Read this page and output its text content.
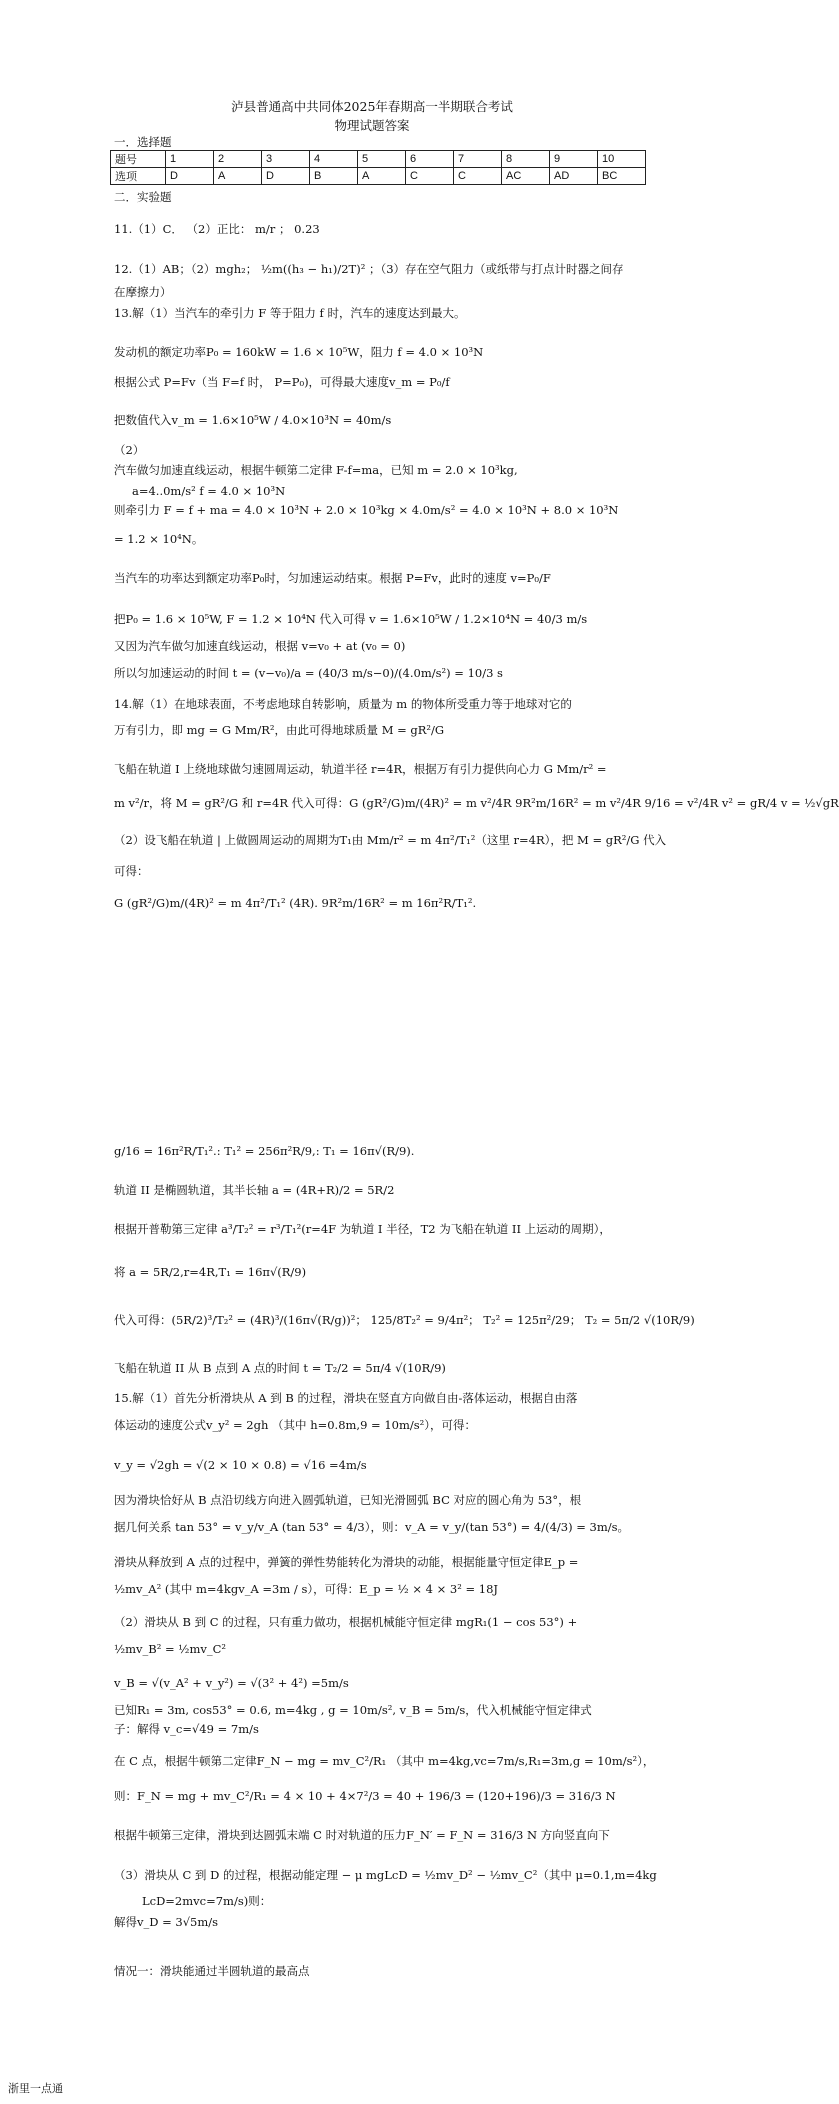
泸县普通高中共同体2025年春期高一半期联合考试
物理试题答案
一．选择题
题号	1	2	3	4	5	6	7	8	9	10
选项	D	A	D	B	A	C	C	AC	AD	BC
二．实验题
11.（1）C． （2）正比： m/r ； 0.23
12.（1）AB；（2）mgh₂； ½m((h₃ − h₁)/2T)² ；（3）存在空气阻力（或纸带与打点计时器之间存
在摩擦力）
13.解（1）当汽车的牵引力 F 等于阻力 f 时，汽车的速度达到最大。
发动机的额定功率P₀ = 160kW = 1.6 × 10⁵W，阻力 f = 4.0 × 10³N
根据公式 P=Fv（当 F=f 时， P=P₀)，可得最大速度v_m = P₀/f
把数值代入v_m = 1.6×10⁵W / 4.0×10³N = 40m/s
（2）
汽车做匀加速直线运动，根据牛顿第二定律 F-f=ma，已知 m = 2.0 × 10³kg,
a=4..0m/s² f = 4.0 × 10³N
则牵引力 F = f + ma = 4.0 × 10³N + 2.0 × 10³kg × 4.0m/s² = 4.0 × 10³N + 8.0 × 10³N
= 1.2 × 10⁴N。
当汽车的功率达到额定功率P₀时，匀加速运动结束。根据 P=Fv，此时的速度 v=P₀/F
把P₀ = 1.6 × 10⁵W, F = 1.2 × 10⁴N 代入可得 v = 1.6×10⁵W / 1.2×10⁴N = 40/3 m/s
又因为汽车做匀加速直线运动，根据 v=v₀ + at (v₀ = 0)
所以匀加速运动的时间 t = (v−v₀)/a = (40/3 m/s−0)/(4.0m/s²) = 10/3 s
14.解（1）在地球表面，不考虑地球自转影响，质量为 m 的物体所受重力等于地球对它的
万有引力，即 mg = G Mm/R²，由此可得地球质量 M = gR²/G
飞船在轨道 I 上绕地球做匀速圆周运动，轨道半径 r=4R，根据万有引力提供向心力 G Mm/r² =
m v²/r，将 M = gR²/G 和 r=4R 代入可得：G (gR²/G)m/(4R)² = m v²/4R 9R²m/16R² = m v²/4R 9/16 = v²/4R v² = gR/4 v = ½√gR
（2）设飞船在轨道 | 上做圆周运动的周期为T₁由 Mm/r² = m 4π²/T₁²（这里 r=4R），把 M = gR²/G 代入
可得：
G (gR²/G)m/(4R)² = m 4π²/T₁² (4R). 9R²m/16R² = m 16π²R/T₁².
g/16 = 16π²R/T₁².: T₁² = 256π²R/9,: T₁ = 16π√(R/9).
轨道 II 是椭圆轨道，其半长轴 a = (4R+R)/2 = 5R/2
根据开普勒第三定律 a³/T₂² = r³/T₁²(r=4F 为轨道 I 半径，T2 为飞船在轨道 II 上运动的周期），
将 a = 5R/2,r=4R,T₁ = 16π√(R/9)
代入可得：(5R/2)³/T₂² = (4R)³/(16π√(R/g))²； 125/8T₂² = 9/4π²； T₂² = 125π²/29； T₂ = 5π/2 √(10R/9)
飞船在轨道 II 从 B 点到 A 点的时间 t = T₂/2 = 5π/4 √(10R/9)
15.解（1）首先分析滑块从 A 到 B 的过程，滑块在竖直方向做自由-落体运动，根据自由落
体运动的速度公式v_y² = 2gh （其中 h=0.8m,9 = 10m/s²），可得：
v_y = √2gh = √(2 × 10 × 0.8) = √16 =4m/s
因为滑块恰好从 B 点沿切线方向进入圆弧轨道，已知光滑圆弧 BC 对应的圆心角为 53°，根
据几何关系 tan 53° = v_y/v_A (tan 53° = 4/3），则：v_A = v_y/(tan 53°) = 4/(4/3) = 3m/s。
滑块从释放到 A 点的过程中，弹簧的弹性势能转化为滑块的动能，根据能量守恒定律E_p =
½mv_A² (其中 m=4kgv_A =3m / s），可得：E_p = ½ × 4 × 3² = 18J
（2）滑块从 B 到 C 的过程，只有重力做功，根据机械能守恒定律 mgR₁(1 − cos 53°) +
½mv_B² = ½mv_C²
v_B = √(v_A² + v_y²) = √(3² + 4²) =5m/s
已知R₁ = 3m, cos53° = 0.6, m=4kg , g = 10m/s², v_B = 5m/s，代入机械能守恒定律式
子：解得 v_c=√49 = 7m/s
在 C 点，根据牛顿第二定律F_N − mg = mv_C²/R₁ （其中 m=4kg,vc=7m/s,R₁=3m,g = 10m/s²），
则：F_N = mg + mv_C²/R₁ = 4 × 10 + 4×7²/3 = 40 + 196/3 = (120+196)/3 = 316/3 N
根据牛顿第三定律，滑块到达圆弧末端 C 时对轨道的压力F_N′ = F_N = 316/3 N 方向竖直向下
（3）滑块从 C 到 D 的过程，根据动能定理 − μ mgLcD = ½mv_D² − ½mv_C²（其中 μ=0.1,m=4kg
LcD=2mvc=7m/s)则：
解得v_D = 3√5m/s
情况一：滑块能通过半圆轨道的最高点
浙里一点通
